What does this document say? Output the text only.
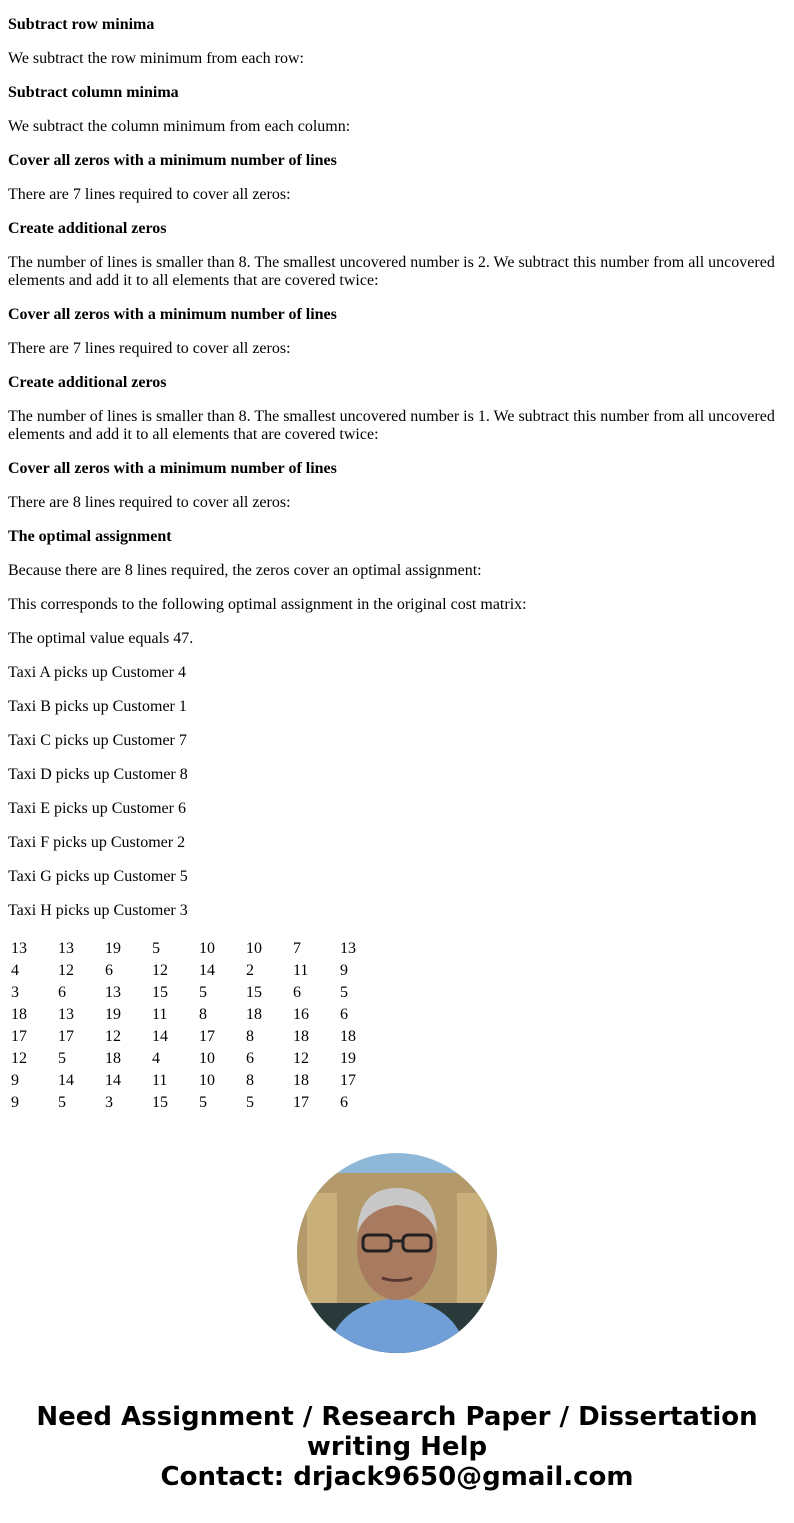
Subtract row minima

We subtract the row minimum from each row:

Subtract column minima

We subtract the column minimum from each column:

Cover all zeros with a minimum number of lines

There are 7 lines required to cover all zeros:

Create additional zeros

The number of lines is smaller than 8. The smallest uncovered number is 2. We subtract this number from all uncovered elements and add it to all elements that are covered twice:

Cover all zeros with a minimum number of lines

There are 7 lines required to cover all zeros:

Create additional zeros

The number of lines is smaller than 8. The smallest uncovered number is 1. We subtract this number from all uncovered elements and add it to all elements that are covered twice:

Cover all zeros with a minimum number of lines

There are 8 lines required to cover all zeros:

The optimal assignment

Because there are 8 lines required, the zeros cover an optimal assignment:

This corresponds to the following optimal assignment in the original cost matrix:

The optimal value equals 47.

Taxi A picks up Customer 4

Taxi B picks up Customer 1

Taxi C picks up Customer 7

Taxi D picks up Customer 8

Taxi E picks up Customer 6

Taxi F picks up Customer 2

Taxi G picks up Customer 5

Taxi H picks up Customer 3

13	13	19	5	10	10	7	13
4	12	6	12	14	2	11	9
3	6	13	15	5	15	6	5
18	13	19	11	8	18	16	6
17	17	12	14	17	8	18	18
12	5	18	4	10	6	12	19
9	14	14	11	10	8	18	17
9	5	3	15	5	5	17	6
Need Assignment / Research Paper / Dissertation
writing Help
Contact: drjack9650@gmail.com
